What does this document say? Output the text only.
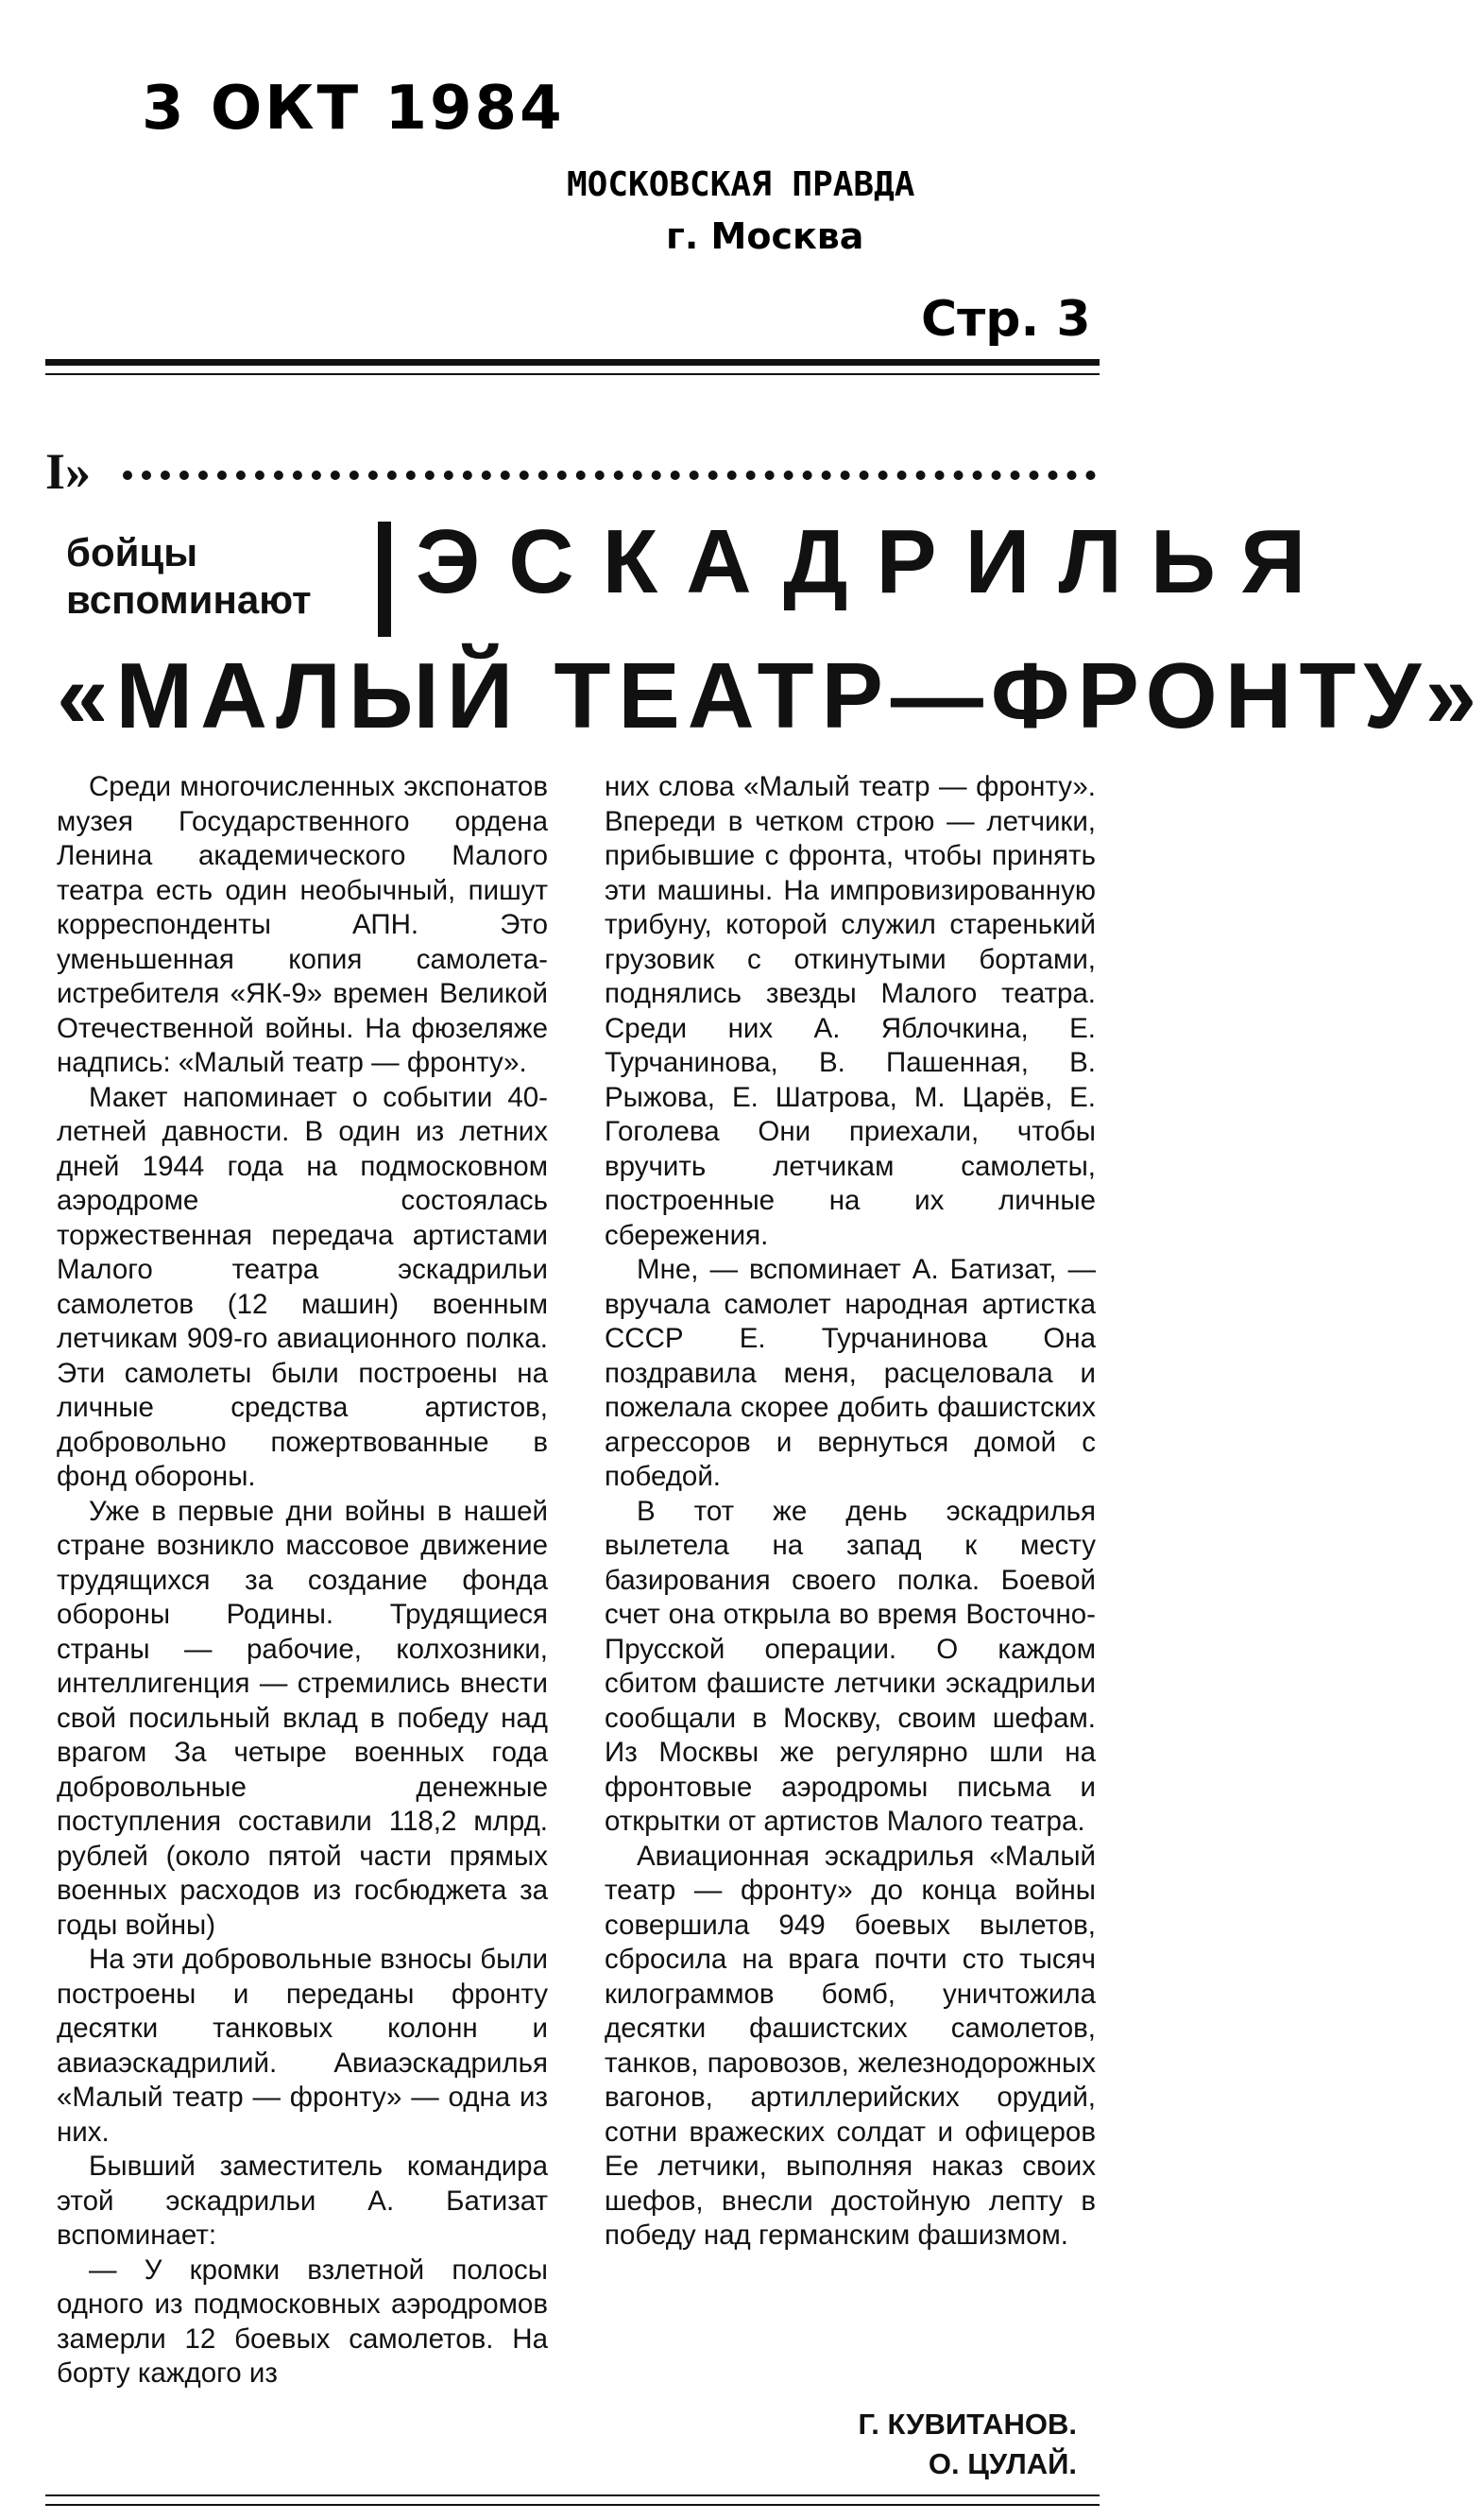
3 ОКТ 1984
МОСКОВСКАЯ ПРАВДА
г. Москва
Стр. 3
I»
бойцы
вспоминают ЭСКАДРИЛЬЯ
«МАЛЫЙ ТЕАТР—ФРОНТУ»

Среди многочисленных экспонатов музея Государственного ордена Ленина академического Малого театра есть один необычный, пишут корреспонденты АПН. Это уменьшенная копия самолета-истребителя «ЯК-9» времен Великой Отечественной войны. На фюзеляже надпись: «Малый театр — фронту».

Макет напоминает о событии 40-летней давности. В один из летних дней 1944 года на подмосковном аэродроме состоялась торжественная передача артистами Малого театра эскадрильи самолетов (12 машин) военным летчикам 909-го авиационного полка. Эти самолеты были построены на личные средства артистов, добровольно пожертвованные в фонд обороны.

Уже в первые дни войны в нашей стране возникло массовое движение трудящихся за создание фонда обороны Родины. Трудящиеся страны — рабочие, колхозники, интеллигенция — стремились внести свой посильный вклад в победу над врагом За четыре военных года добровольные денежные поступления составили 118,2 млрд. рублей (около пятой части прямых военных расходов из госбюджета за годы войны)

На эти добровольные взносы были построены и переданы фронту десятки танковых колонн и авиаэскадрилий. Авиаэскадрилья «Малый театр — фронту» — одна из них.

Бывший заместитель командира этой эскадрильи А. Батизат вспоминает:

— У кромки взлетной полосы одного из подмосковных аэродромов замерли 12 боевых самолетов. На борту каждого из

них слова «Малый театр — фронту». Впереди в четком строю — летчики, прибывшие с фронта, чтобы принять эти машины. На импровизированную трибуну, которой служил старенький грузовик с откинутыми бортами, поднялись звезды Малого театра. Среди них А. Яблочкина, Е. Турчанинова, В. Пашенная, В. Рыжова, Е. Шатрова, М. Царёв, Е. Гоголева Они приехали, чтобы вручить летчикам самолеты, построенные на их личные сбережения.

Мне, — вспоминает А. Батизат, — вручала самолет народная артистка СССР Е. Турчанинова Она поздравила меня, расцеловала и пожелала скорее добить фашистских агрессоров и вернуться домой с победой.

В тот же день эскадрилья вылетела на запад к месту базирования своего полка. Боевой счет она открыла во время Восточно-Прусской операции. О каждом сбитом фашисте летчики эскадрильи сообщали в Москву, своим шефам. Из Москвы же регулярно шли на фронтовые аэродромы письма и открытки от артистов Малого театра.

Авиационная эскадрилья «Малый театр — фронту» до конца войны совершила 949 боевых вылетов, сбросила на врага почти сто тысяч килограммов бомб, уничтожила десятки фашистских самолетов, танков, паровозов, железнодорожных вагонов, артиллерийских орудий, сотни вражеских солдат и офицеров Ее летчики, выполняя наказ своих шефов, внесли достойную лепту в победу над германским фашизмом.

Г. КУВИТАНОВ.
О. ЦУЛАЙ.
